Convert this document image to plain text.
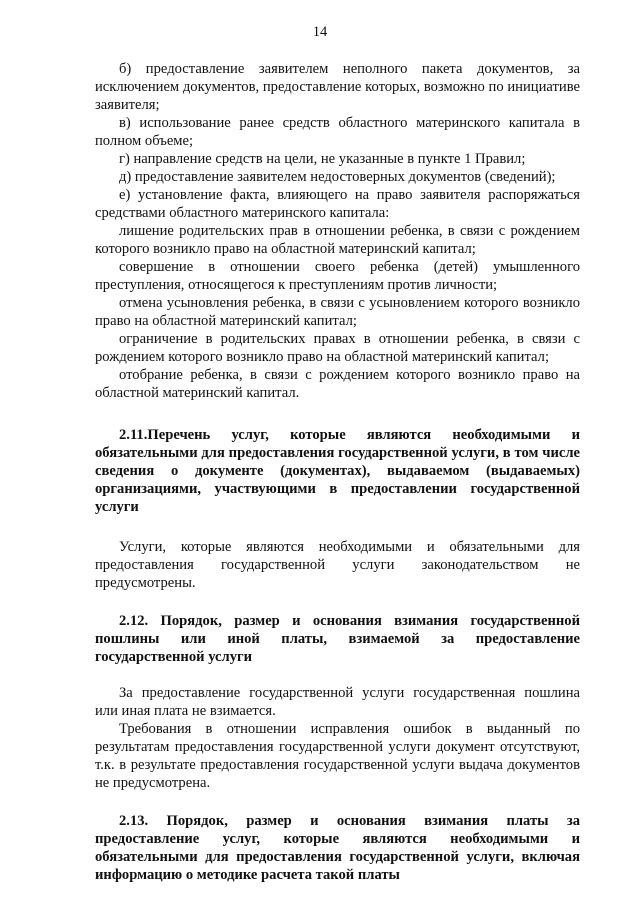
14

б) предоставление заявителем неполного пакета документов, за исключением документов, предоставление которых, возможно по инициативе заявителя;

в) использование ранее средств областного материнского капитала в полном объеме;

г) направление средств на цели, не указанные в пункте 1 Правил;

д) предоставление заявителем недостоверных документов (сведений);

е) установление факта, влияющего на право заявителя распоряжаться средствами областного материнского капитала:

лишение родительских прав в отношении ребенка, в связи с рождением которого возникло право на областной материнский капитал;

совершение в отношении своего ребенка (детей) умышленного преступления, относящегося к преступлениям против личности;

отмена усыновления ребенка, в связи с усыновлением которого возникло право на областной материнский капитал;

ограничение в родительских правах в отношении ребенка, в связи с рождением которого возникло право на областной материнский капитал;

отобрание ребенка, в связи с рождением которого возникло право на областной материнский капитал.

2.11.Перечень услуг, которые являются необходимыми и обязательными для предоставления государственной услуги, в том числе сведения о документе (документах), выдаваемом (выдаваемых) организациями, участвующими в предоставлении государственной услуги

Услуги, которые являются необходимыми и обязательными для предоставления государственной услуги законодательством не предусмотрены.

2.12. Порядок, размер и основания взимания государственной пошлины или иной платы, взимаемой за предоставление государственной услуги

За предоставление государственной услуги государственная пошлина или иная плата не взимается.

Требования в отношении исправления ошибок в выданный по результатам предоставления государственной услуги документ отсутствуют, т.к. в результате предоставления государственной услуги выдача документов не предусмотрена.

2.13. Порядок, размер и основания взимания платы за предоставление услуг, которые являются необходимыми и обязательными для предоставления государственной услуги, включая информацию о методике расчета такой платы
